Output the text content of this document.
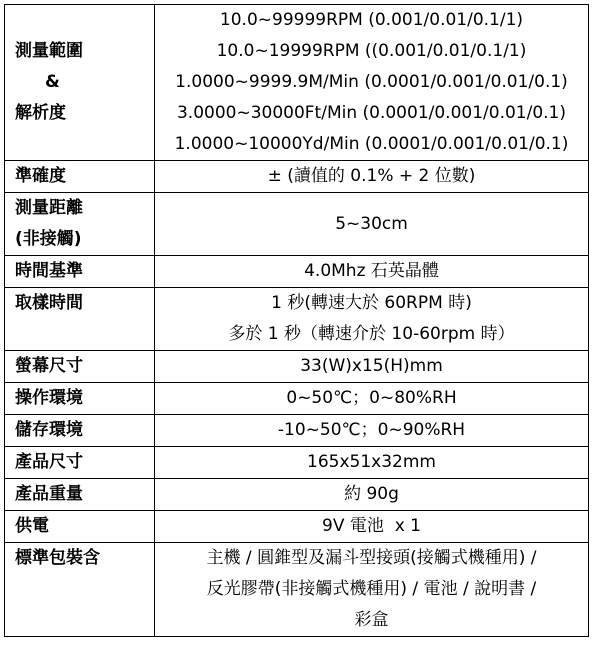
測量範圍
&
解析度	10.0~99999RPM (0.001/0.01/0.1/1)
10.0~19999RPM ((0.001/0.01/0.1/1)
1.0000~9999.9M/Min (0.0001/0.001/0.01/0.1)
3.0000~30000Ft/Min (0.0001/0.001/0.01/0.1)
1.0000~10000Yd/Min (0.0001/0.001/0.01/0.1)

準確度	± (讀值的 0.1% + 2 位數)

測量距離
(非接觸)	5~30cm

時間基準	4.0Mhz 石英晶體

取樣時間	1 秒(轉速大於 60RPM 時)
多於 1 秒（轉速介於 10-60rpm 時）

螢幕尺寸	33(W)x15(H)mm

操作環境	0~50℃；0~80%RH

儲存環境	-10~50℃；0~90%RH

產品尺寸	165x51x32mm

產品重量	約 90g

供電	9V 電池  x 1

標準包裝含	主機 / 圓錐型及漏斗型接頭(接觸式機種用) /
反光膠帶(非接觸式機種用) / 電池 / 說明書 /
彩盒
